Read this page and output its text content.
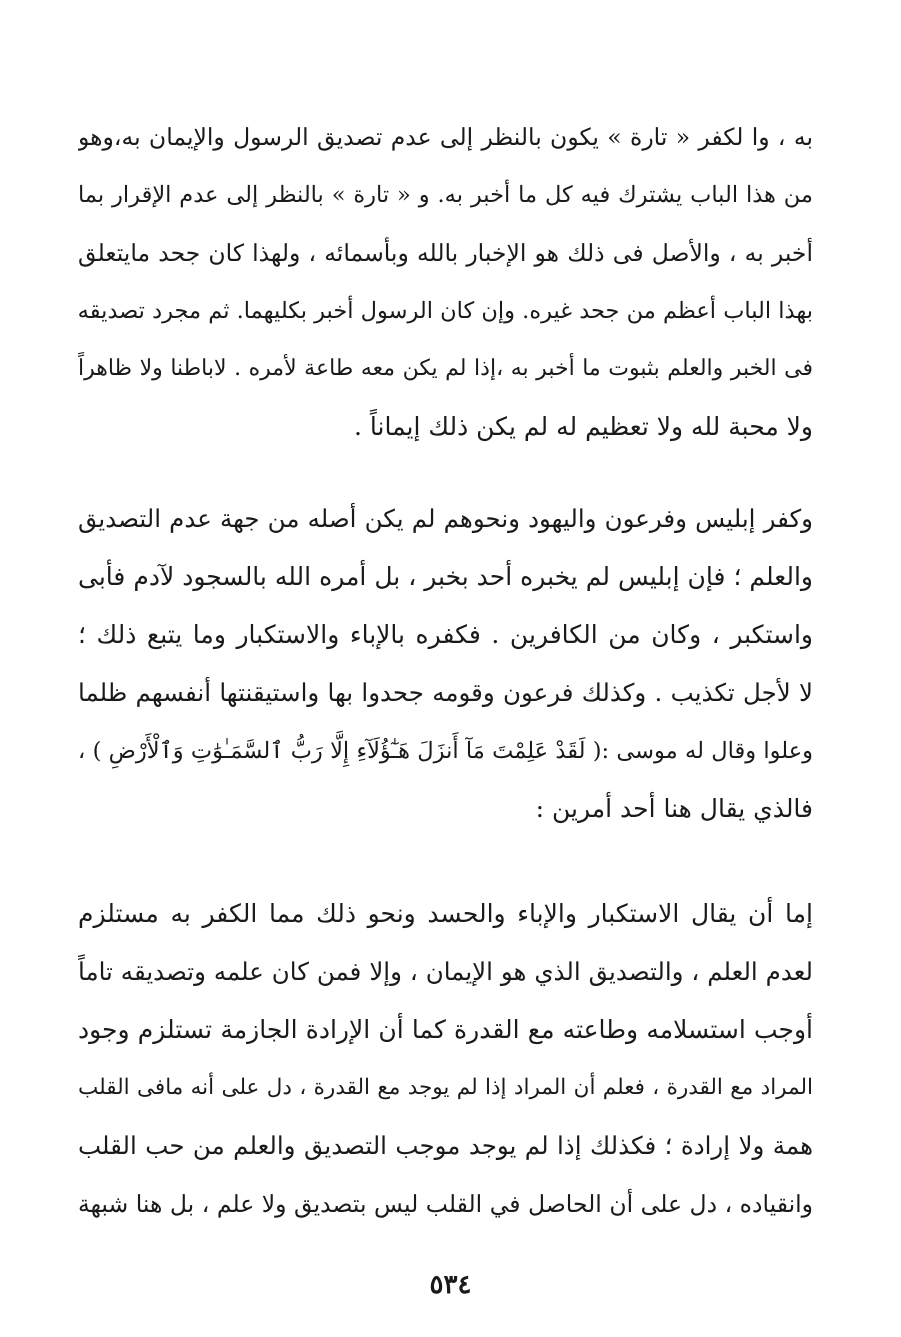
به ، وا لكفر « تارة » يكون بالنظر إلى عدم تصديق الرسول والإيمان به،وهو
من هذا الباب يشترك فيه كل ما أخبر به. و « تارة » بالنظر إلى عدم الإقرار بما
أخبر به ، والأصل فى ذلك هو الإخبار بالله وبأسمائه ، ولهذا كان جحد مايتعلق
بهذا الباب أعظم من جحد غيره. وإن كان الرسول أخبر بكليهما. ثم مجرد تصديقه
فى الخبر والعلم بثبوت ما أخبر به ،إذا لم يكن معه طاعة لأمره . لاباطنا ولا ظاهراً
ولا محبة لله ولا تعظيم له لم يكن ذلك إيماناً .
وكفر إبليس وفرعون واليهود ونحوهم لم يكن أصله من جهة عدم التصديق
والعلم ؛ فإن إبليس لم يخبره أحد بخبر ، بل أمره الله بالسجود لآدم فأبى
واستكبر ، وكان من الكافرين . فكفره بالإباء والاستكبار وما يتبع ذلك ؛
لا لأجل تكذيب . وكذلك فرعون وقومه جحدوا بها واستيقنتها أنفسهم ظلما
وعلوا وقال له موسى :( لَقَدْ عَلِمْتَ مَآ أَنزَلَ هَـٰٓؤُلَآءِ إِلَّا رَبُّ ٱلسَّمَـٰوَٰتِ وَٱلْأَرْضِ ) ،
فالذي يقال هنا أحد أمرين :
إما أن يقال الاستكبار والإباء والحسد ونحو ذلك مما الكفر به مستلزم
لعدم العلم ، والتصديق الذي هو الإيمان ، وإلا فمن كان علمه وتصديقه تاماً
أوجب استسلامه وطاعته مع القدرة كما أن الإرادة الجازمة تستلزم وجود
المراد مع القدرة ، فعلم أن المراد إذا لم يوجد مع القدرة ، دل على أنه مافى القلب
همة ولا إرادة ؛ فكذلك إذا لم يوجد موجب التصديق والعلم من حب القلب
وانقياده ، دل على أن الحاصل في القلب ليس بتصديق ولا علم ، بل هنا شبهة
٥٣٤
